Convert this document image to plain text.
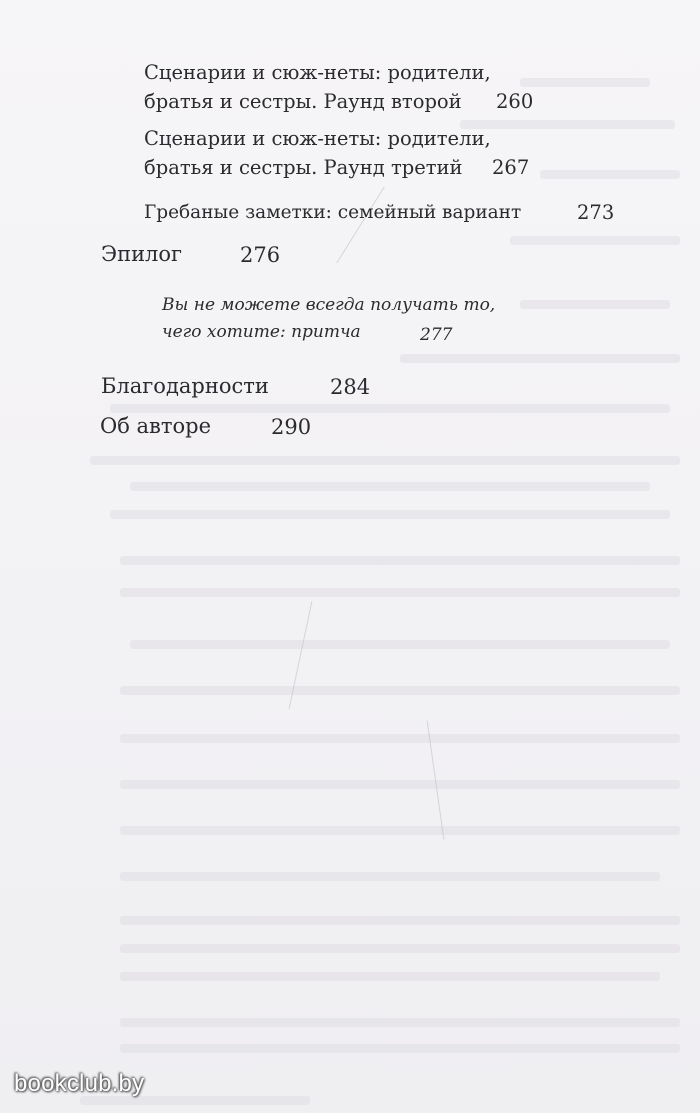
Сценарии и сюж-неты: родители,
братья и сестры. Раунд второй	260
Сценарии и сюж-неты: родители,
братья и сестры. Раунд третий	267
Гребаные заметки: семейный вариант	273
Эпилог	276
Вы не можете всегда получать то,
чего хотите: притча	277
Благодарности	284
Об авторе	290
bookclub.by
